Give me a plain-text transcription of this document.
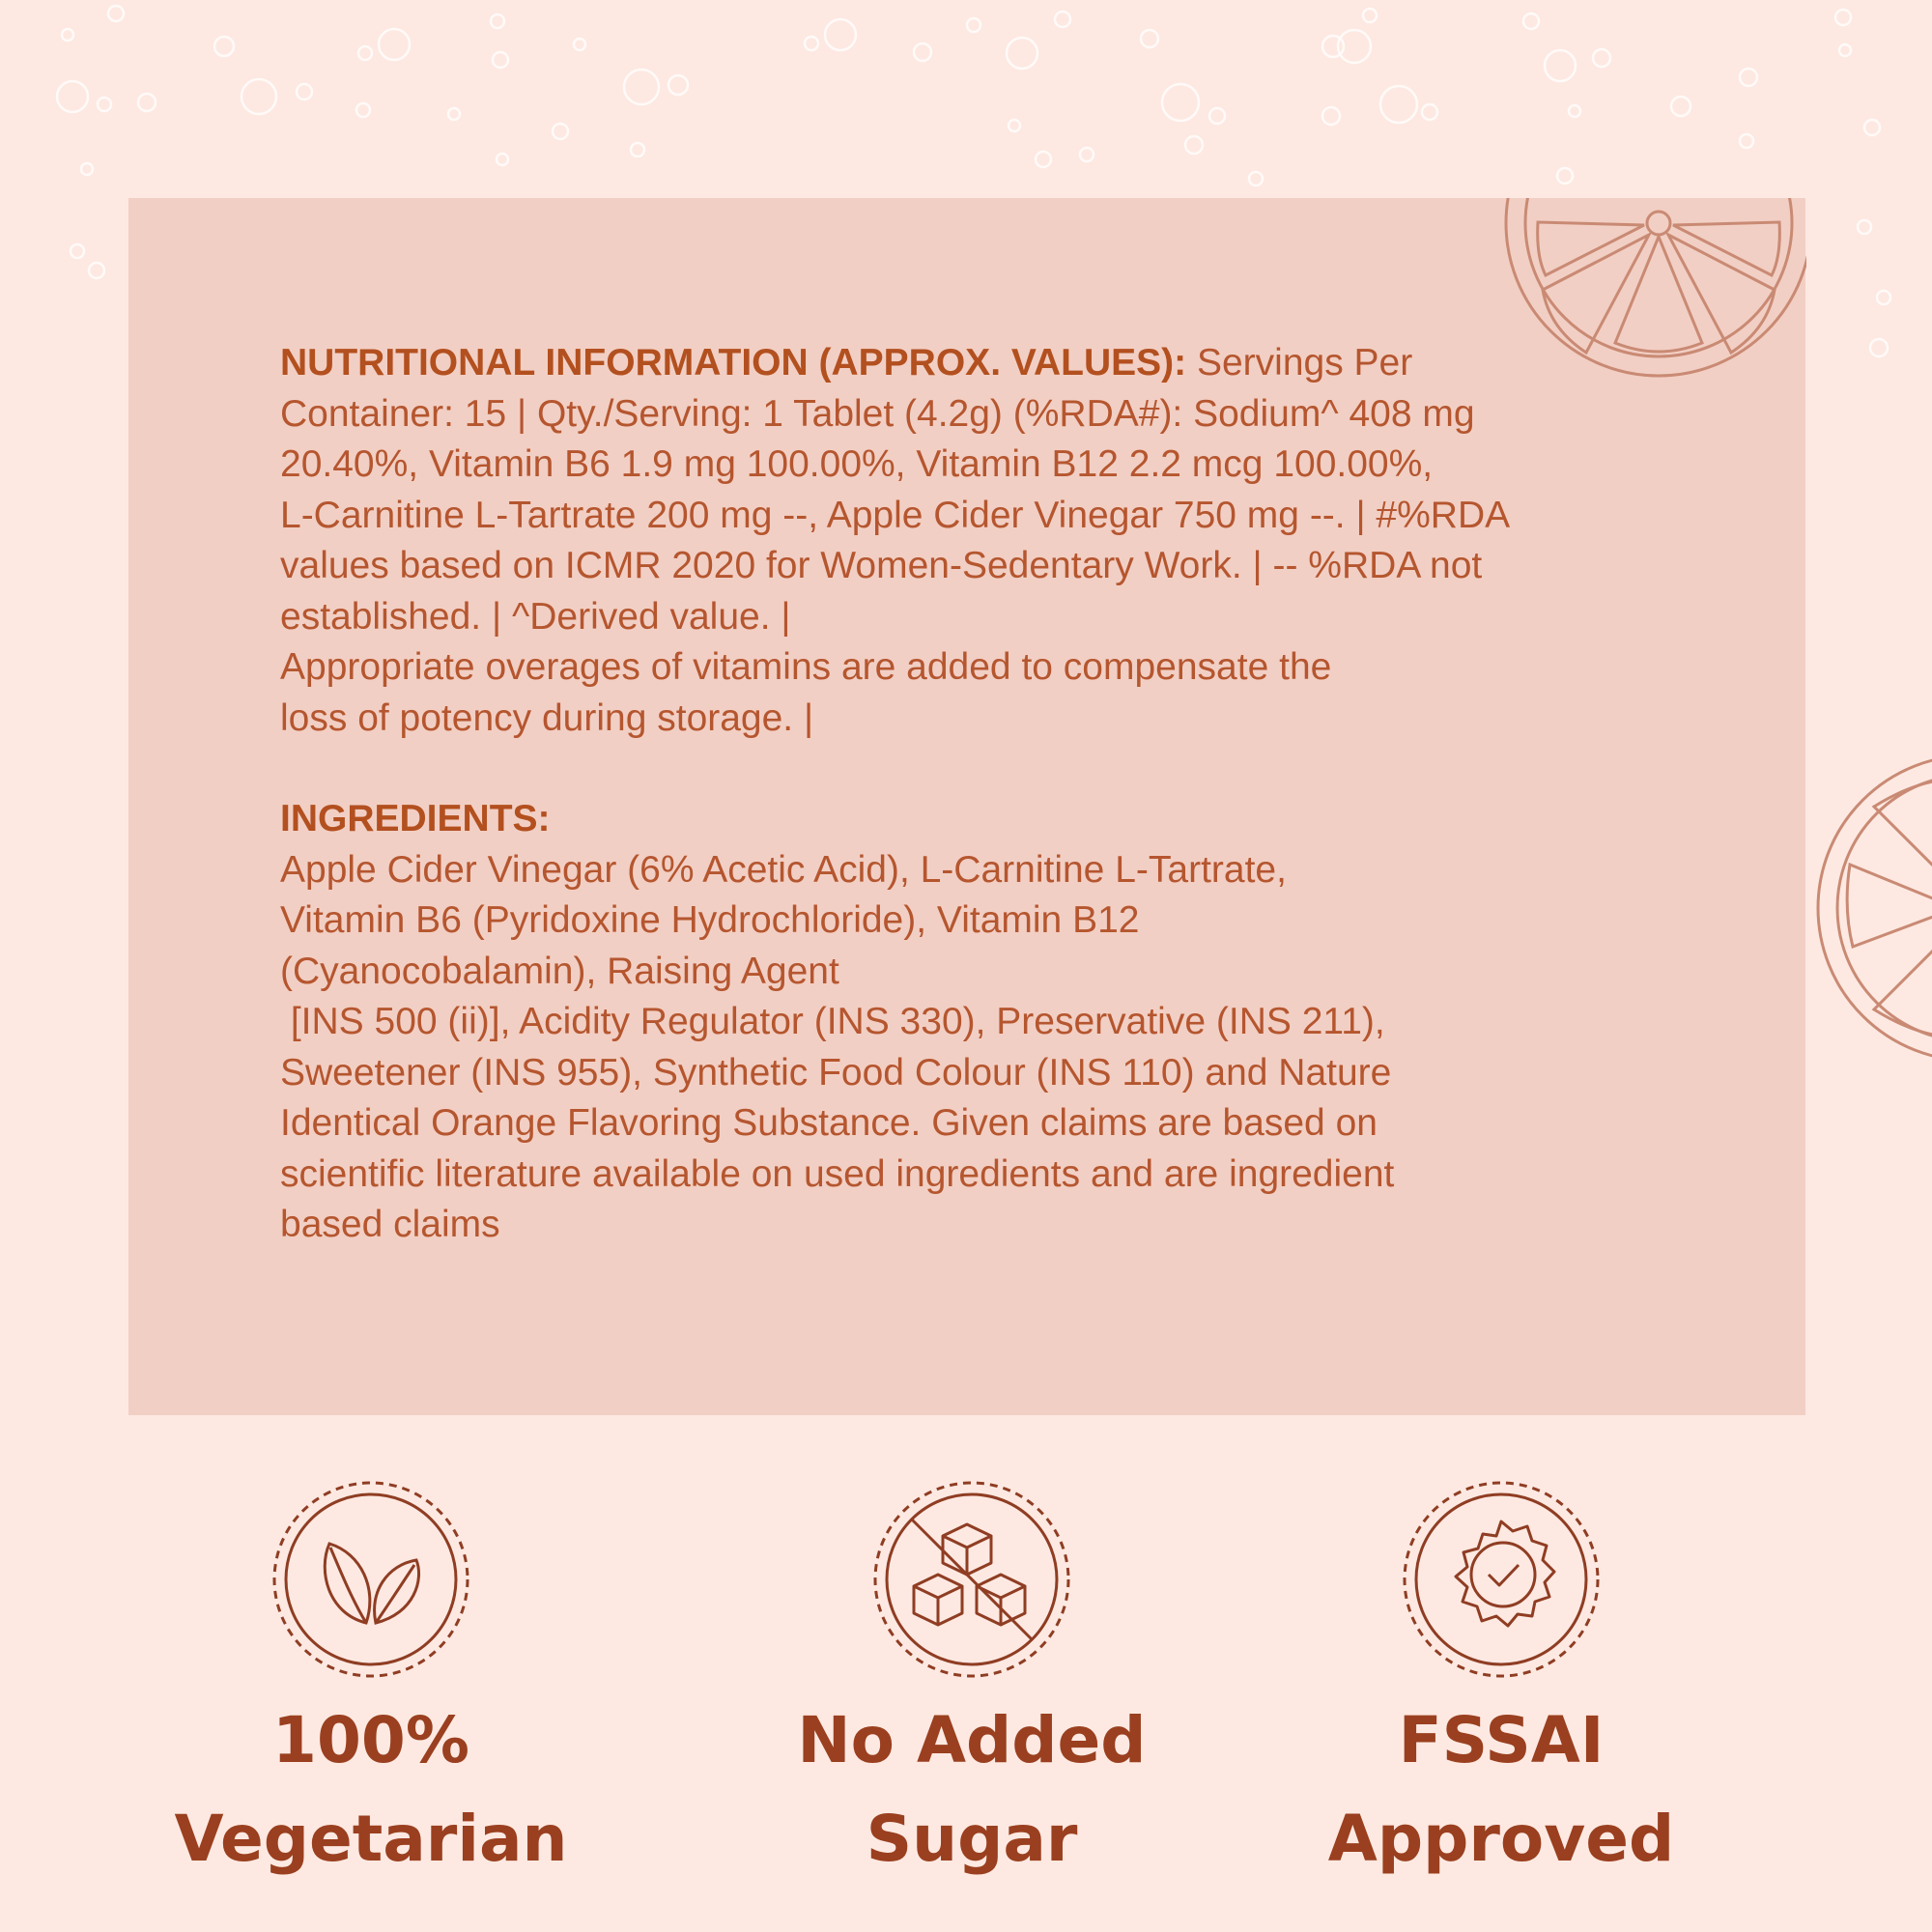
NUTRITIONAL INFORMATION (APPROX. VALUES): Servings Per

Container: 15 | Qty./Serving: 1 Tablet (4.2g) (%RDA#): Sodium^ 408 mg

20.40%, Vitamin B6 1.9 mg 100.00%, Vitamin B12 2.2 mcg 100.00%,

L-Carnitine L-Tartrate 200 mg --, Apple Cider Vinegar 750 mg --. | #%RDA

values based on ICMR 2020 for Women-Sedentary Work. | -- %RDA not

established. | ^Derived value. |

Appropriate overages of vitamins are added to compensate the

loss of potency during storage. |

INGREDIENTS:

Apple Cider Vinegar (6% Acetic Acid), L-Carnitine L-Tartrate,

Vitamin B6 (Pyridoxine Hydrochloride), Vitamin B12

(Cyanocobalamin), Raising Agent

[INS 500 (ii)], Acidity Regulator (INS 330), Preservative (INS 211),

Sweetener (INS 955), Synthetic Food Colour (INS 110) and Nature

Identical Orange Flavoring Substance. Given claims are based on

scientific literature available on used ingredients and are ingredient

based claims

100%
Vegetarian
No Added
Sugar
FSSAI
Approved
